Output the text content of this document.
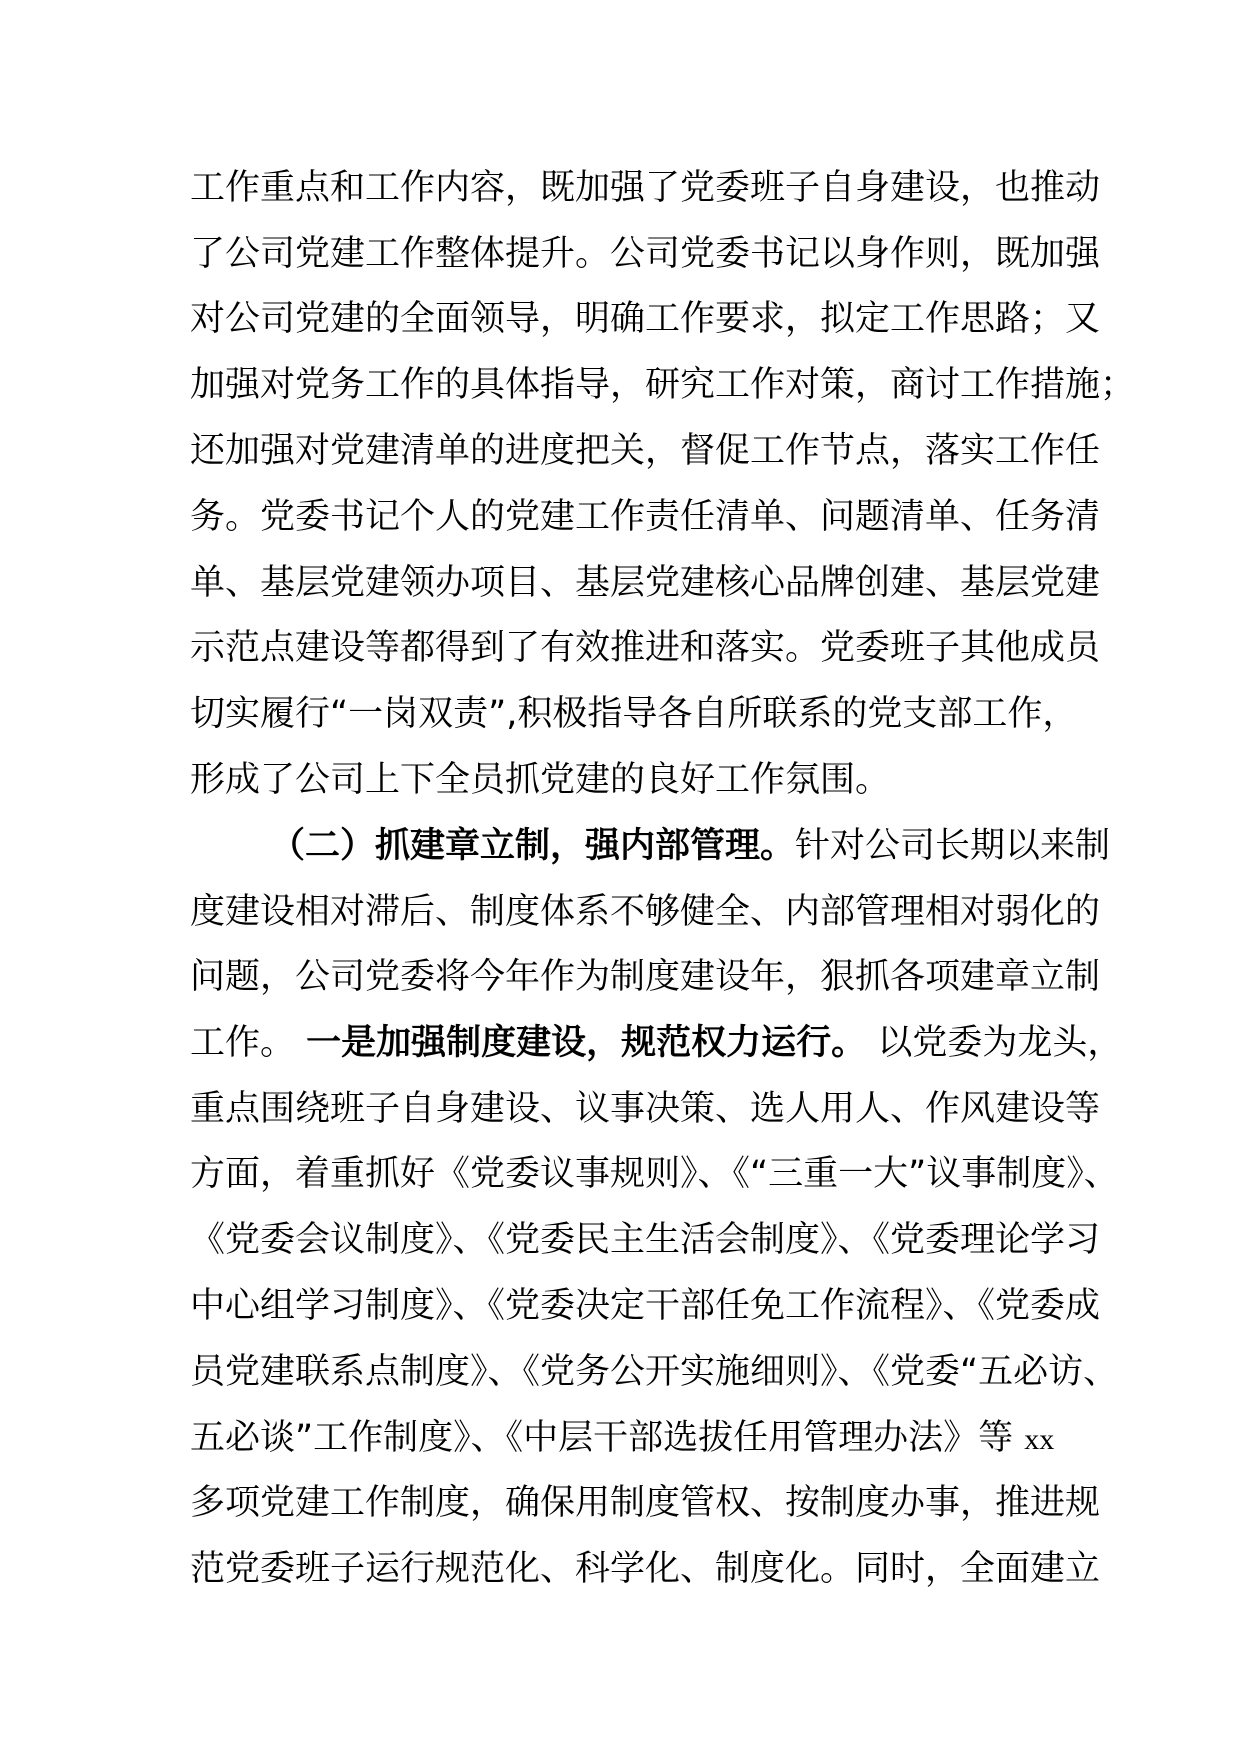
工作重点和工作内容，既加强了党委班子自身建设，也推动
了公司党建工作整体提升。公司党委书记以身作则，既加强
对公司党建的全面领导，明确工作要求，拟定工作思路；又
加强对党务工作的具体指导，研究工作对策，商讨工作措施；
还加强对党建清单的进度把关，督促工作节点，落实工作任
务。党委书记个人的党建工作责任清单、问题清单、任务清
单、基层党建领办项目、基层党建核心品牌创建、基层党建
示范点建设等都得到了有效推进和落实。党委班子其他成员
切实履行“一岗双责”,积极指导各自所联系的党支部工作，
形成了公司上下全员抓党建的良好工作氛围。
（二）抓建章立制，强内部管理。针对公司长期以来制
度建设相对滞后、制度体系不够健全、内部管理相对弱化的
问题，公司党委将今年作为制度建设年，狠抓各项建章立制
工作。 一是加强制度建设，规范权力运行。 以党委为龙头，
重点围绕班子自身建设、议事决策、选人用人、作风建设等
方面，着重抓好《党委议事规则》、《“三重一大”议事制度》、
《党委会议制度》、《党委民主生活会制度》、《党委理论学习
中心组学习制度》、《党委决定干部任免工作流程》、《党委成
员党建联系点制度》、《党务公开实施细则》、《党委“五必访、
五必谈”工作制度》、《中层干部选拔任用管理办法》等 xx
多项党建工作制度，确保用制度管权、按制度办事，推进规
范党委班子运行规范化、科学化、制度化。同时，全面建立
